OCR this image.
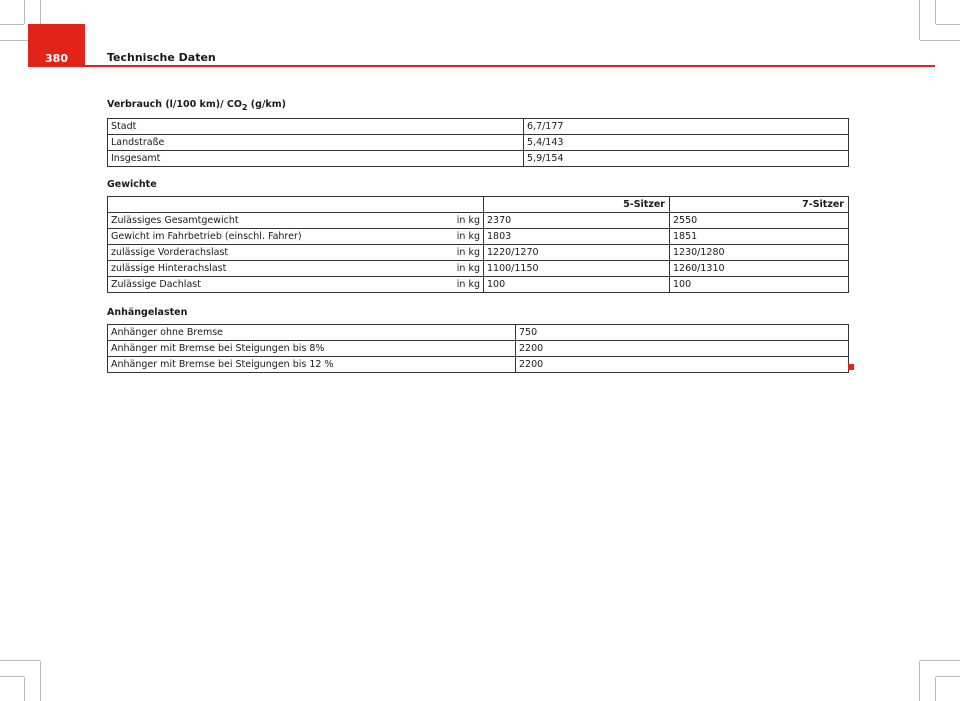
380	Technische Daten
Verbrauch (l/100 km)/ $CO_2$ (g/km)
Stadt	6,7/177
Landstraße	5,4/143
Insgesamt	5,9/154
Gewichte
		5-Sitzer	7-Sitzer
Zulässiges Gesamtgewicht	in kg	2370	2550
Gewicht im Fahrbetrieb (einschl. Fahrer)	in kg	1803	1851
zulässige Vorderachslast	in kg	1220/1270	1230/1280
zulässige Hinterachslast	in kg	1100/1150	1260/1310
Zulässige Dachlast	in kg	100	100
Anhängelasten
Anhänger ohne Bremse	750
Anhänger mit Bremse bei Steigungen bis 8%	2200
Anhänger mit Bremse bei Steigungen bis 12 %	2200
